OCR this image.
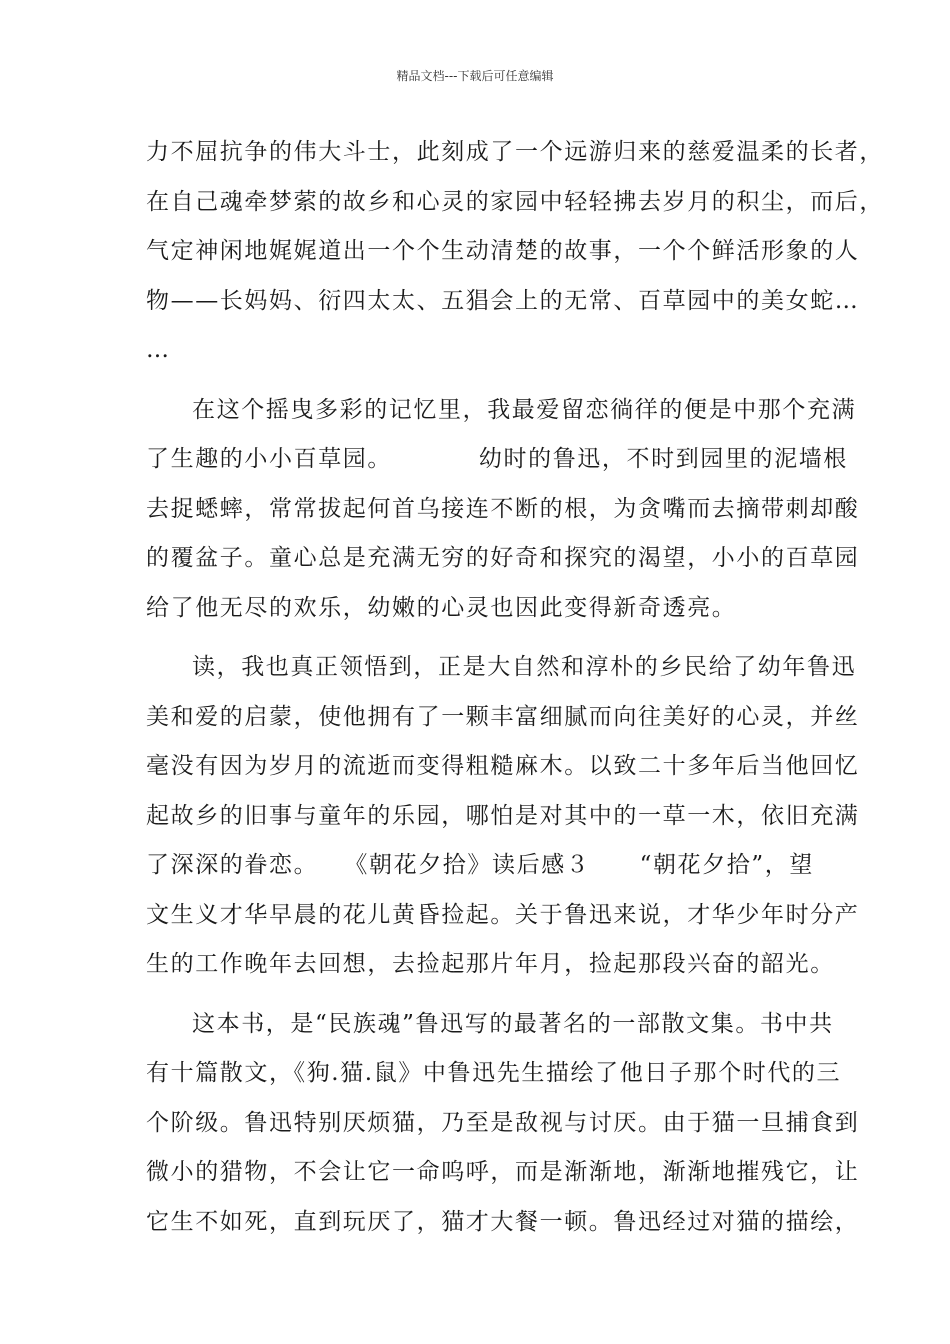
精品文档---下载后可任意编辑
力不屈抗争的伟大斗士，此刻成了一个远游归来的慈爱温柔的长者，
在自己魂牵梦萦的故乡和心灵的家园中轻轻拂去岁月的积尘，而后，
气定神闲地娓娓道出一个个生动清楚的故事，一个个鲜活形象的人
物——长妈妈、衍四太太、五猖会上的无常、百草园中的美女蛇…
…
在这个摇曳多彩的记忆里，我最爱留恋徜徉的便是中那个充满
了生趣的小小百草园。　　　　幼时的鲁迅，不时到园里的泥墙根
去捉蟋蟀，常常拔起何首乌接连不断的根，为贪嘴而去摘带刺却酸
的覆盆子。童心总是充满无穷的好奇和探究的渴望，小小的百草园
给了他无尽的欢乐，幼嫩的心灵也因此变得新奇透亮。
读，我也真正领悟到，正是大自然和淳朴的乡民给了幼年鲁迅
美和爱的启蒙，使他拥有了一颗丰富细腻而向往美好的心灵，并丝
毫没有因为岁月的流逝而变得粗糙麻木。以致二十多年后当他回忆
起故乡的旧事与童年的乐园，哪怕是对其中的一草一木，依旧充满
了深深的眷恋。　　《朝花夕拾》读后感３　　“朝花夕拾”，望
文生义才华早晨的花儿黄昏捡起。关于鲁迅来说，才华少年时分产
生的工作晚年去回想，去捡起那片年月，捡起那段兴奋的韶光。
这本书，是“民族魂”鲁迅写的最著名的一部散文集。书中共
有十篇散文，《狗.猫.鼠》中鲁迅先生描绘了他日子那个时代的三
个阶级。鲁迅特别厌烦猫，乃至是敌视与讨厌。由于猫一旦捕食到
微小的猎物，不会让它一命呜呼，而是渐渐地，渐渐地摧残它，让
它生不如死，直到玩厌了，猫才大餐一顿。鲁迅经过对猫的描绘，
